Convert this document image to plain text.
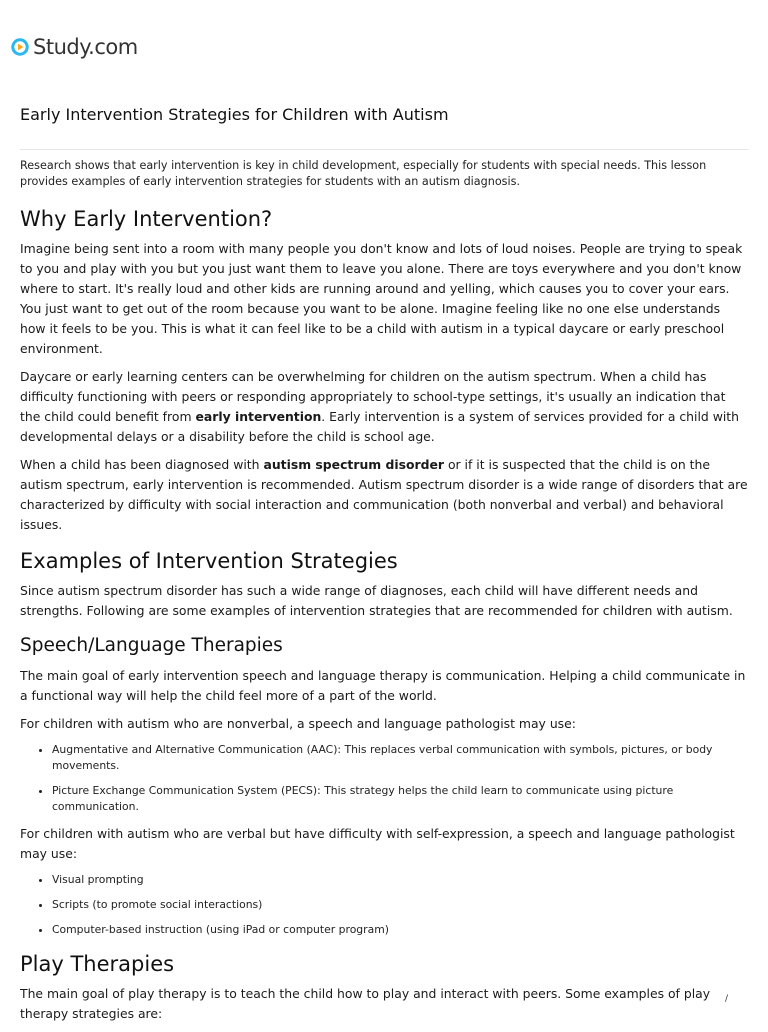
Study.com
Early Intervention Strategies for Children with Autism

Research shows that early intervention is key in child development, especially for students with special needs. This lesson provides examples of early intervention strategies for students with an autism diagnosis.

Why Early Intervention?

Imagine being sent into a room with many people you don't know and lots of loud noises. People are trying to speak to you and play with you but you just want them to leave you alone. There are toys everywhere and you don't know where to start. It's really loud and other kids are running around and yelling, which causes you to cover your ears. You just want to get out of the room because you want to be alone. Imagine feeling like no one else understands how it feels to be you. This is what it can feel like to be a child with autism in a typical daycare or early preschool environment.

Daycare or early learning centers can be overwhelming for children on the autism spectrum. When a child has difficulty functioning with peers or responding appropriately to school-type settings, it's usually an indication that the child could benefit from early intervention. Early intervention is a system of services provided for a child with developmental delays or a disability before the child is school age.

When a child has been diagnosed with autism spectrum disorder or if it is suspected that the child is on the autism spectrum, early intervention is recommended. Autism spectrum disorder is a wide range of disorders that are characterized by difficulty with social interaction and communication (both nonverbal and verbal) and behavioral issues.

Examples of Intervention Strategies

Since autism spectrum disorder has such a wide range of diagnoses, each child will have different needs and strengths. Following are some examples of intervention strategies that are recommended for children with autism.

Speech/Language Therapies

The main goal of early intervention speech and language therapy is communication. Helping a child communicate in a functional way will help the child feel more of a part of the world.

For children with autism who are nonverbal, a speech and language pathologist may use:

• Augmentative and Alternative Communication (AAC): This replaces verbal communication with symbols, pictures, or body movements.
• Picture Exchange Communication System (PECS): This strategy helps the child learn to communicate using picture communication.

For children with autism who are verbal but have difficulty with self-expression, a speech and language pathologist may use:

• Visual prompting
• Scripts (to promote social interactions)
• Computer-based instruction (using iPad or computer program)
Play Therapies

The main goal of play therapy is to teach the child how to play and interact with peers. Some examples of play therapy strategies are:

/
